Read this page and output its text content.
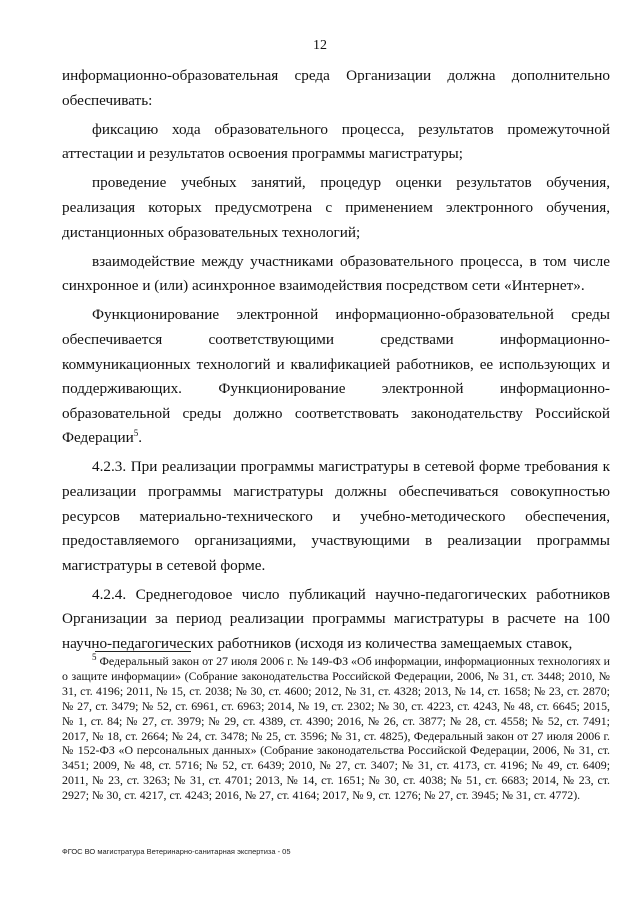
12

информационно-образовательная среда Организации должна дополнительно обеспечивать:

фиксацию хода образовательного процесса, результатов промежуточной аттестации и результатов освоения программы магистратуры;

проведение учебных занятий, процедур оценки результатов обучения, реализация которых предусмотрена с применением электронного обучения, дистанционных образовательных технологий;

взаимодействие между участниками образовательного процесса, в том числе синхронное и (или) асинхронное взаимодействия посредством сети «Интернет».

Функционирование электронной информационно-образовательной среды обеспечивается соответствующими средствами информационно-коммуникационных технологий и квалификацией работников, ее использующих и поддерживающих. Функционирование электронной информационно-образовательной среды должно соответствовать законодательству Российской Федерации$^5$.

4.2.3. При реализации программы магистратуры в сетевой форме требования к реализации программы магистратуры должны обеспечиваться совокупностью ресурсов материально-технического и учебно-методического обеспечения, предоставляемого организациями, участвующими в реализации программы магистратуры в сетевой форме.

4.2.4. Среднегодовое число публикаций научно-педагогических работников Организации за период реализации программы магистратуры в расчете на 100 научно-педагогических работников (исходя из количества замещаемых ставок,

$^5$ Федеральный закон от 27 июля 2006 г. № 149-ФЗ «Об информации, информационных технологиях и о защите информации» (Собрание законодательства Российской Федерации, 2006, № 31, ст. 3448; 2010, № 31, ст. 4196; 2011, № 15, ст. 2038; № 30, ст. 4600; 2012, № 31, ст. 4328; 2013, № 14, ст. 1658; № 23, ст. 2870; № 27, ст. 3479; № 52, ст. 6961, ст. 6963; 2014, № 19, ст. 2302; № 30, ст. 4223, ст. 4243, № 48, ст. 6645; 2015, № 1, ст. 84; № 27, ст. 3979; № 29, ст. 4389, ст. 4390; 2016, № 26, ст. 3877; № 28, ст. 4558; № 52, ст. 7491; 2017, № 18, ст. 2664; № 24, ст. 3478; № 25, ст. 3596; № 31, ст. 4825), Федеральный закон от 27 июля 2006 г. № 152-ФЗ «О персональных данных» (Собрание законодательства Российской Федерации, 2006, № 31, ст. 3451; 2009, № 48, ст. 5716; № 52, ст. 6439; 2010, № 27, ст. 3407; № 31, ст. 4173, ст. 4196; № 49, ст. 6409; 2011, № 23, ст. 3263; № 31, ст. 4701; 2013, № 14, ст. 1651; № 30, ст. 4038; № 51, ст. 6683; 2014, № 23, ст. 2927; № 30, ст. 4217, ст. 4243; 2016, № 27, ст. 4164; 2017, № 9, ст. 1276; № 27, ст. 3945; № 31, ст. 4772).

ФГОС ВО магистратура Ветеринарно-санитарная экспертиза - 05
